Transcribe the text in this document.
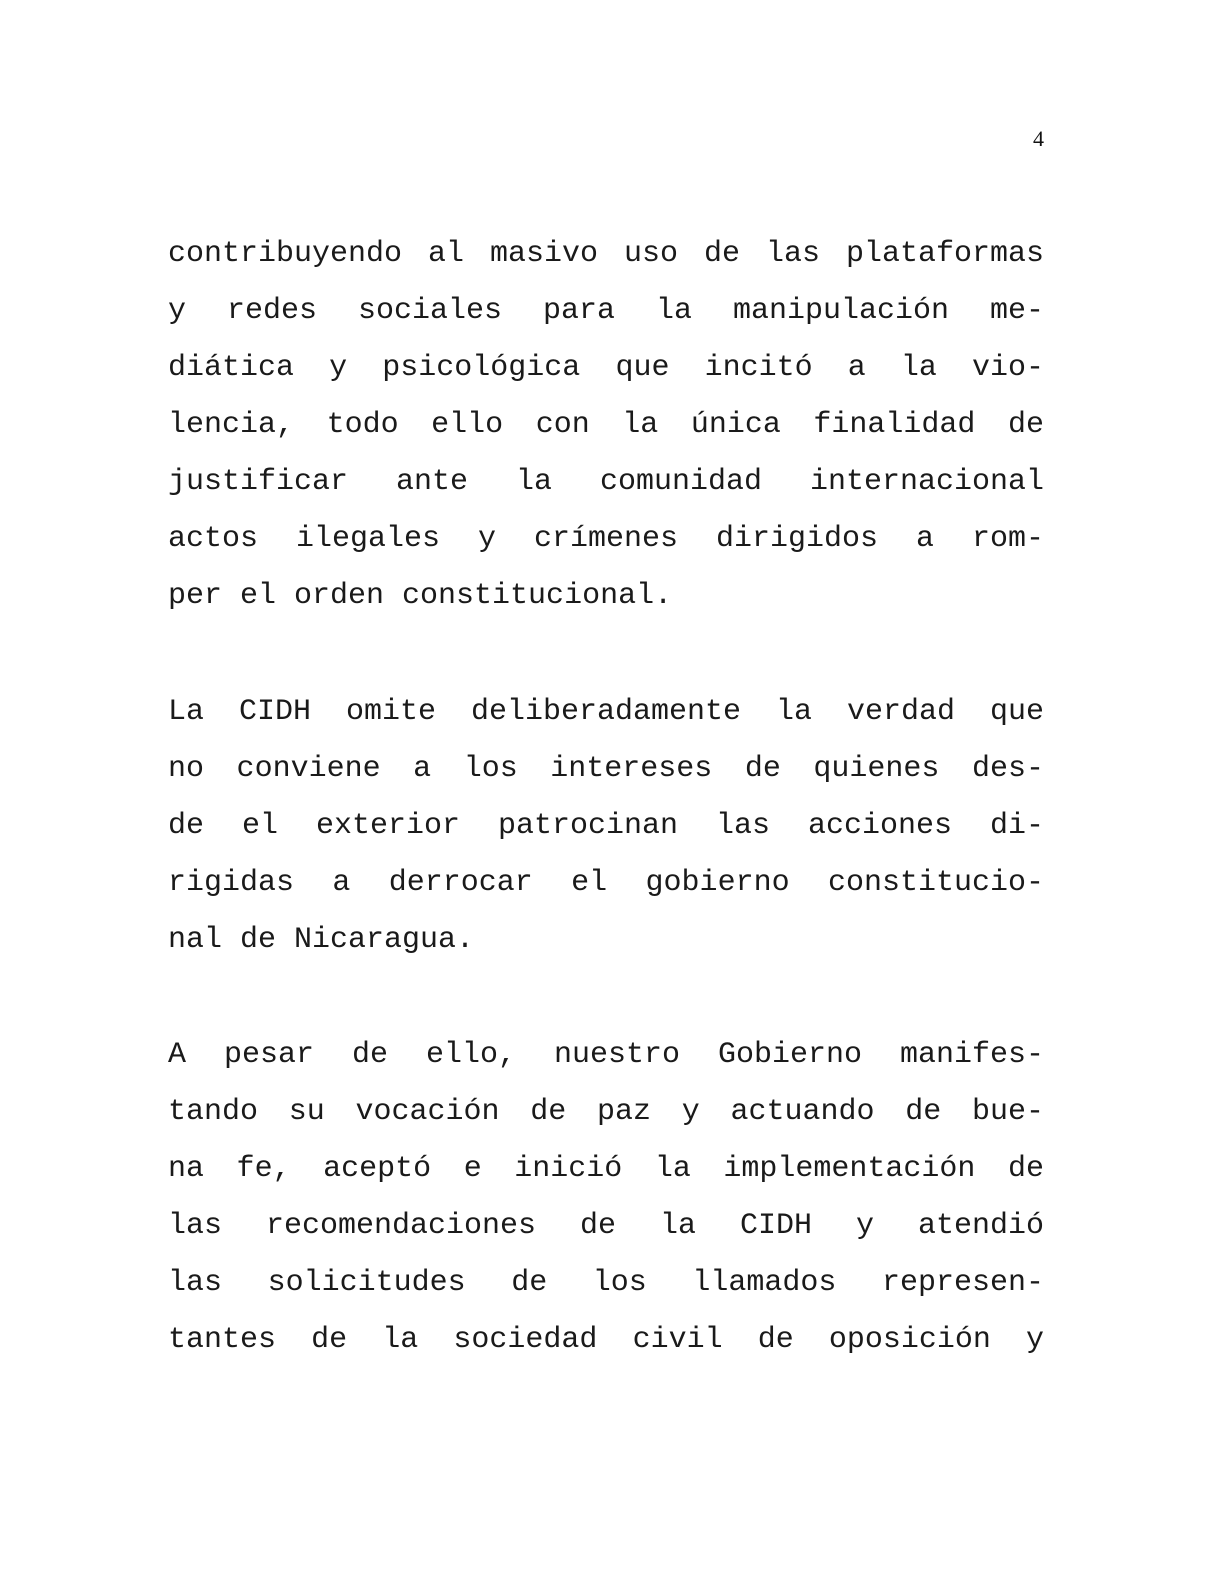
4
contribuyendo al masivo uso de las plataformas
y redes sociales para la manipulación me-
diática y psicológica que incitó a la vio-
lencia, todo ello con la única finalidad de
justificar ante la comunidad internacional
actos ilegales y crímenes dirigidos a rom-
per el orden constitucional.
La CIDH omite deliberadamente la verdad que
no conviene a los intereses de quienes des-
de el exterior patrocinan las acciones di-
rigidas a derrocar el gobierno constitucio-
nal de Nicaragua.
A pesar de ello, nuestro Gobierno manifes-
tando su vocación de paz y actuando de bue-
na fe, aceptó e inició la implementación de
las recomendaciones de la CIDH y atendió
las solicitudes de los llamados represen-
tantes de la sociedad civil de oposición y
